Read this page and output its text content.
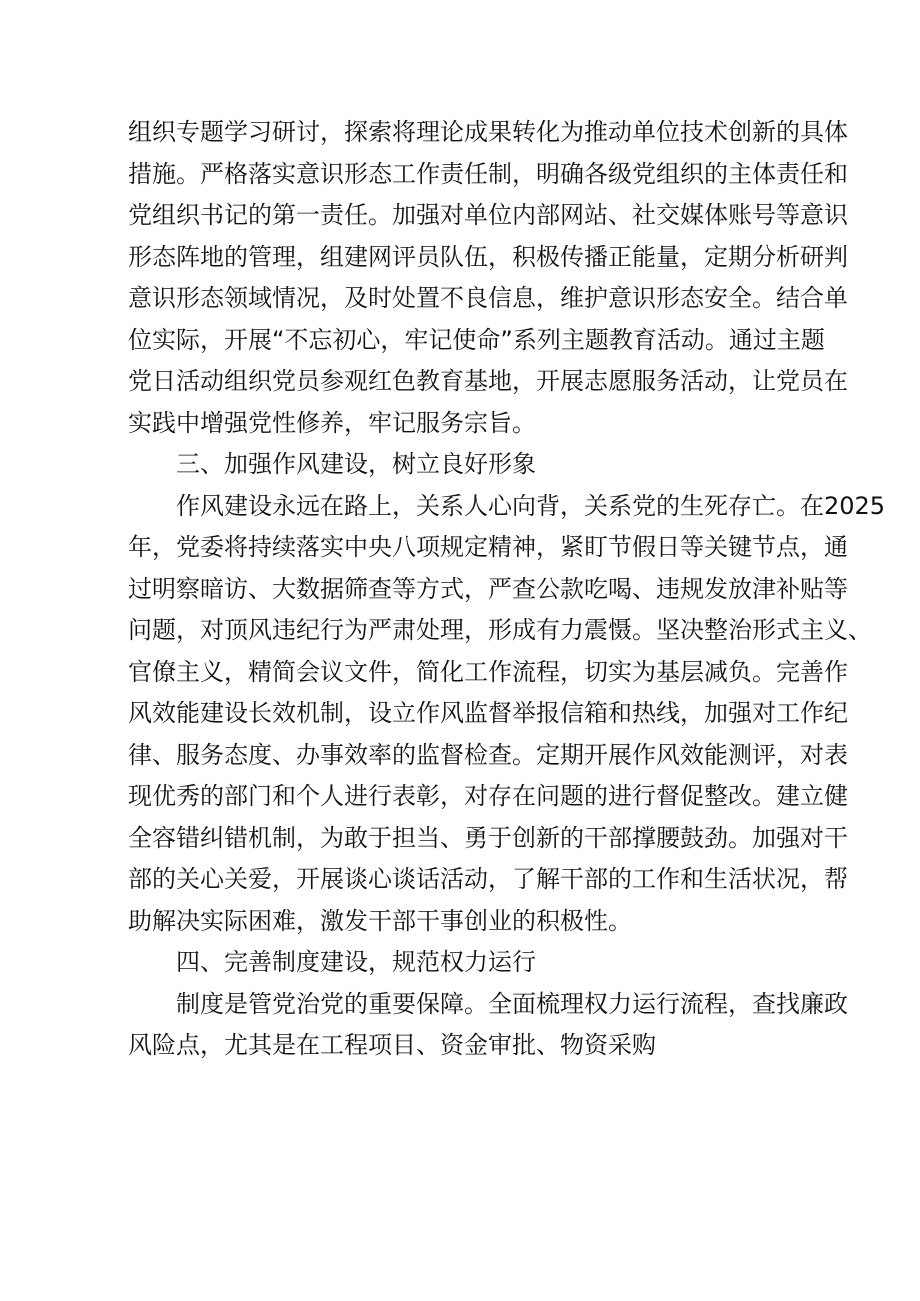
组织专题学习研讨，探索将理论成果转化为推动单位技术创新的具体
措施。严格落实意识形态工作责任制，明确各级党组织的主体责任和
党组织书记的第一责任。加强对单位内部网站、社交媒体账号等意识
形态阵地的管理，组建网评员队伍，积极传播正能量，定期分析研判
意识形态领域情况，及时处置不良信息，维护意识形态安全。结合单
位实际，开展“不忘初心，牢记使命”系列主题教育活动。通过主题
党日活动组织党员参观红色教育基地，开展志愿服务活动，让党员在
实践中增强党性修养，牢记服务宗旨。
三、加强作风建设，树立良好形象
作风建设永远在路上，关系人心向背，关系党的生死存亡。在2025
年，党委将持续落实中央八项规定精神，紧盯节假日等关键节点，通
过明察暗访、大数据筛查等方式，严查公款吃喝、违规发放津补贴等
问题，对顶风违纪行为严肃处理，形成有力震慑。坚决整治形式主义、
官僚主义，精简会议文件，简化工作流程，切实为基层减负。完善作
风效能建设长效机制，设立作风监督举报信箱和热线，加强对工作纪
律、服务态度、办事效率的监督检查。定期开展作风效能测评，对表
现优秀的部门和个人进行表彰，对存在问题的进行督促整改。建立健
全容错纠错机制，为敢于担当、勇于创新的干部撑腰鼓劲。加强对干
部的关心关爱，开展谈心谈话活动，了解干部的工作和生活状况，帮
助解决实际困难，激发干部干事创业的积极性。
四、完善制度建设，规范权力运行
制度是管党治党的重要保障。全面梳理权力运行流程，查找廉政
风险点，尤其是在工程项目、资金审批、物资采购
